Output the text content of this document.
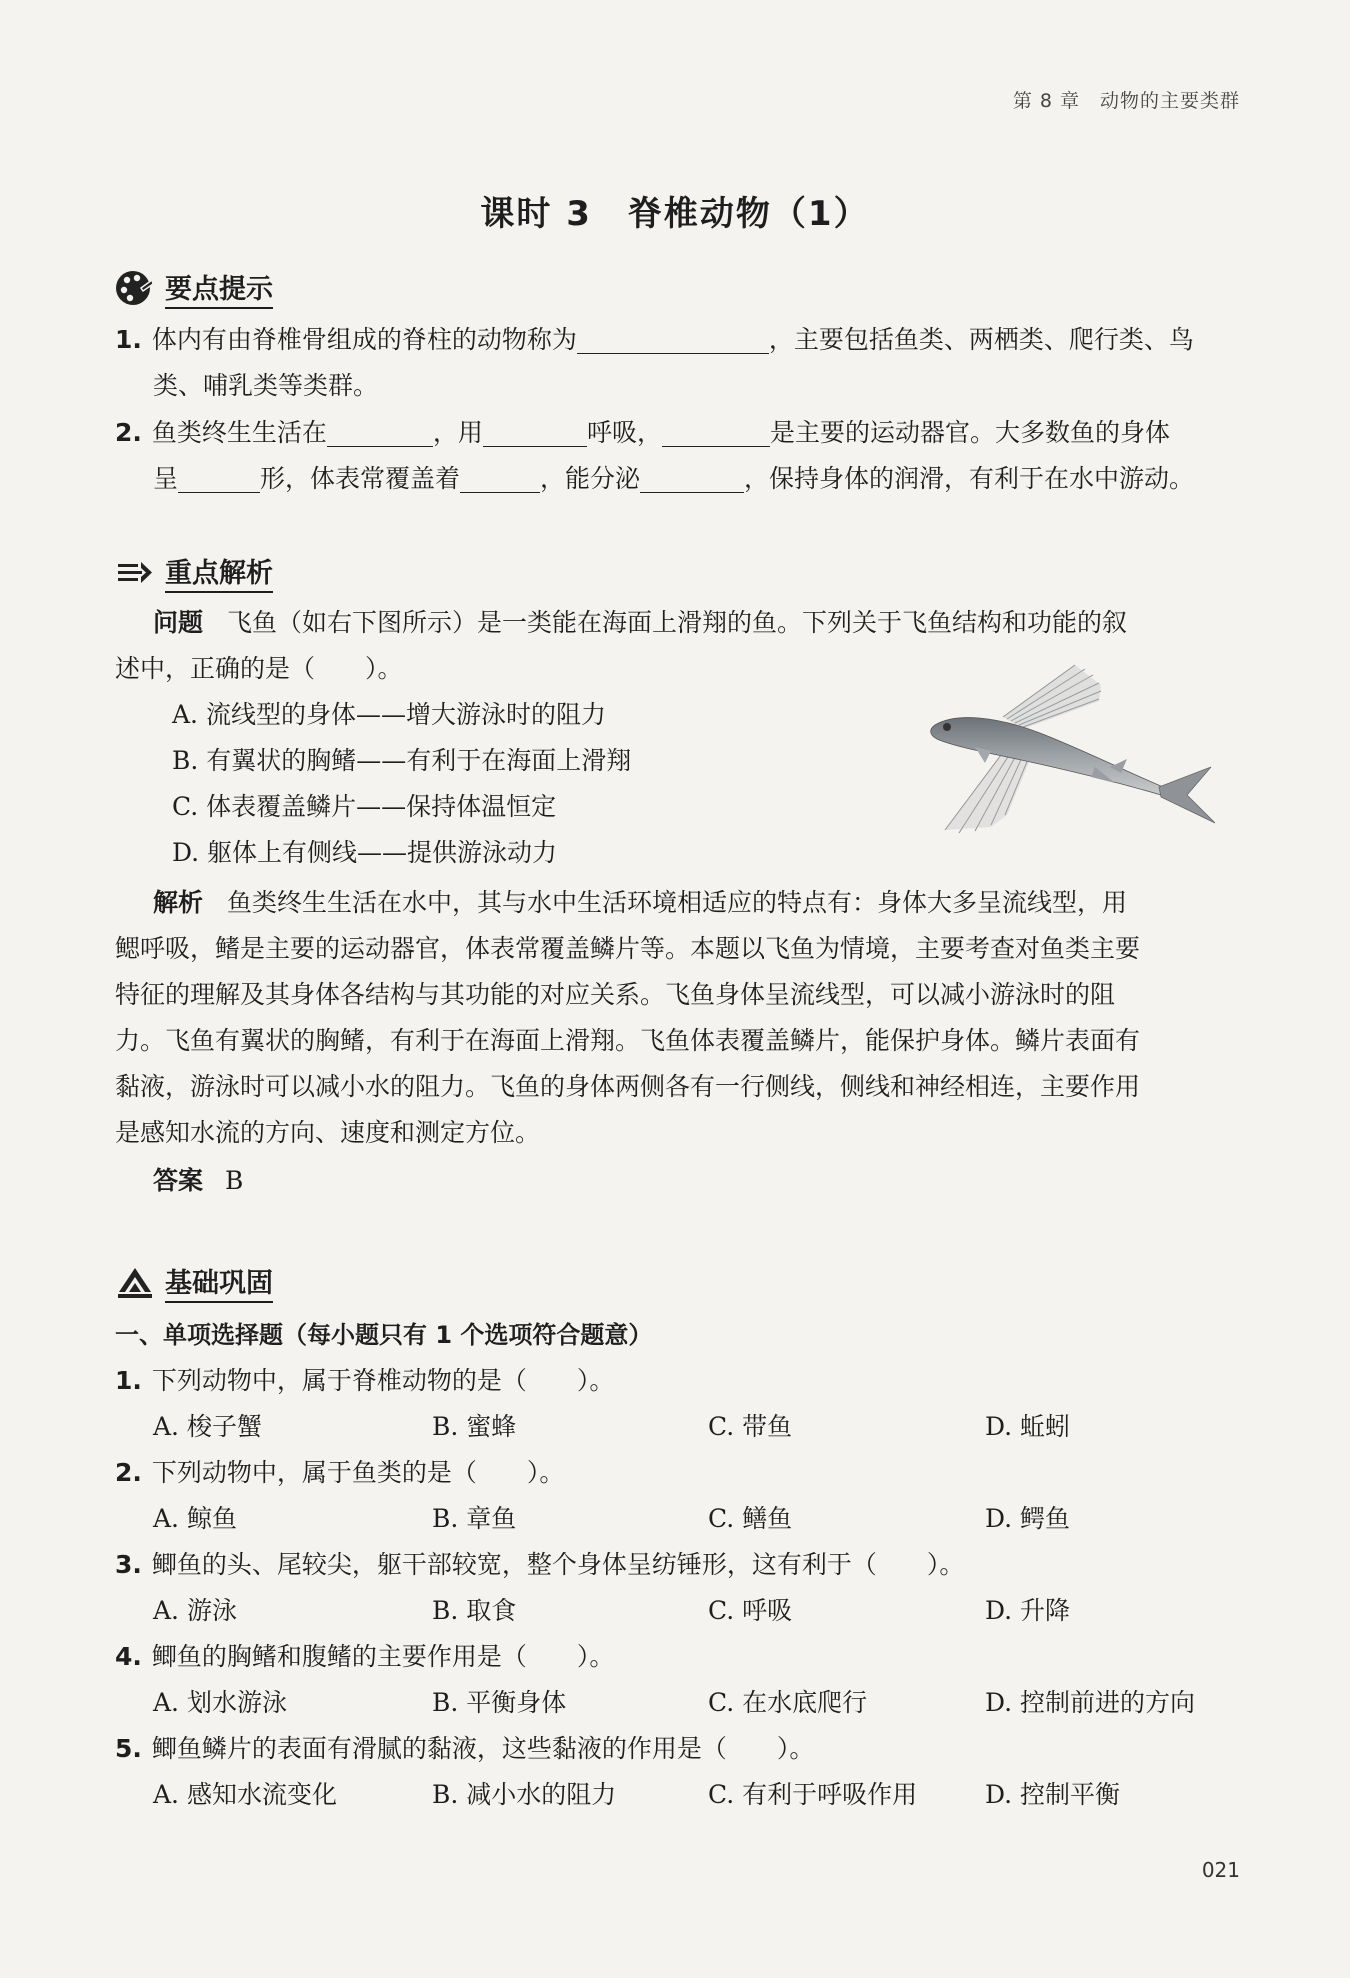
第 8 章　动物的主要类群
课时 3　脊椎动物（1）
要点提示
1. 体内有由脊椎骨组成的脊柱的动物称为	，主要包括鱼类、两栖类、爬行类、鸟
类、哺乳类等类群。
2. 鱼类终生生活在	，用	呼吸，	是主要的运动器官。大多数鱼的身体
呈	形，体表常覆盖着	，能分泌	，保持身体的润滑，有利于在水中游动。
重点解析
问题 飞鱼（如右下图所示）是一类能在海面上滑翔的鱼。下列关于飞鱼结构和功能的叙
述中，正确的是（　　）。
A. 流线型的身体——增大游泳时的阻力
B. 有翼状的胸鳍——有利于在海面上滑翔
C. 体表覆盖鳞片——保持体温恒定
D. 躯体上有侧线——提供游泳动力
解析 鱼类终生生活在水中，其与水中生活环境相适应的特点有：身体大多呈流线型，用
鳃呼吸，鳍是主要的运动器官，体表常覆盖鳞片等。本题以飞鱼为情境，主要考查对鱼类主要
特征的理解及其身体各结构与其功能的对应关系。飞鱼身体呈流线型，可以减小游泳时的阻
力。飞鱼有翼状的胸鳍，有利于在海面上滑翔。飞鱼体表覆盖鳞片，能保护身体。鳞片表面有
黏液，游泳时可以减小水的阻力。飞鱼的身体两侧各有一行侧线，侧线和神经相连，主要作用
是感知水流的方向、速度和测定方位。
答案 B
基础巩固
一、单项选择题（每小题只有 1 个选项符合题意）
1. 下列动物中，属于脊椎动物的是（　　）。
A. 梭子蟹	B. 蜜蜂	C. 带鱼	D. 蚯蚓
2. 下列动物中，属于鱼类的是（　　）。
A. 鲸鱼	B. 章鱼	C. 鳝鱼	D. 鳄鱼
3. 鲫鱼的头、尾较尖，躯干部较宽，整个身体呈纺锤形，这有利于（　　）。
A. 游泳	B. 取食	C. 呼吸	D. 升降
4. 鲫鱼的胸鳍和腹鳍的主要作用是（　　）。
A. 划水游泳	B. 平衡身体	C. 在水底爬行	D. 控制前进的方向
5. 鲫鱼鳞片的表面有滑腻的黏液，这些黏液的作用是（　　）。
A. 感知水流变化	B. 减小水的阻力	C. 有利于呼吸作用	D. 控制平衡
021
